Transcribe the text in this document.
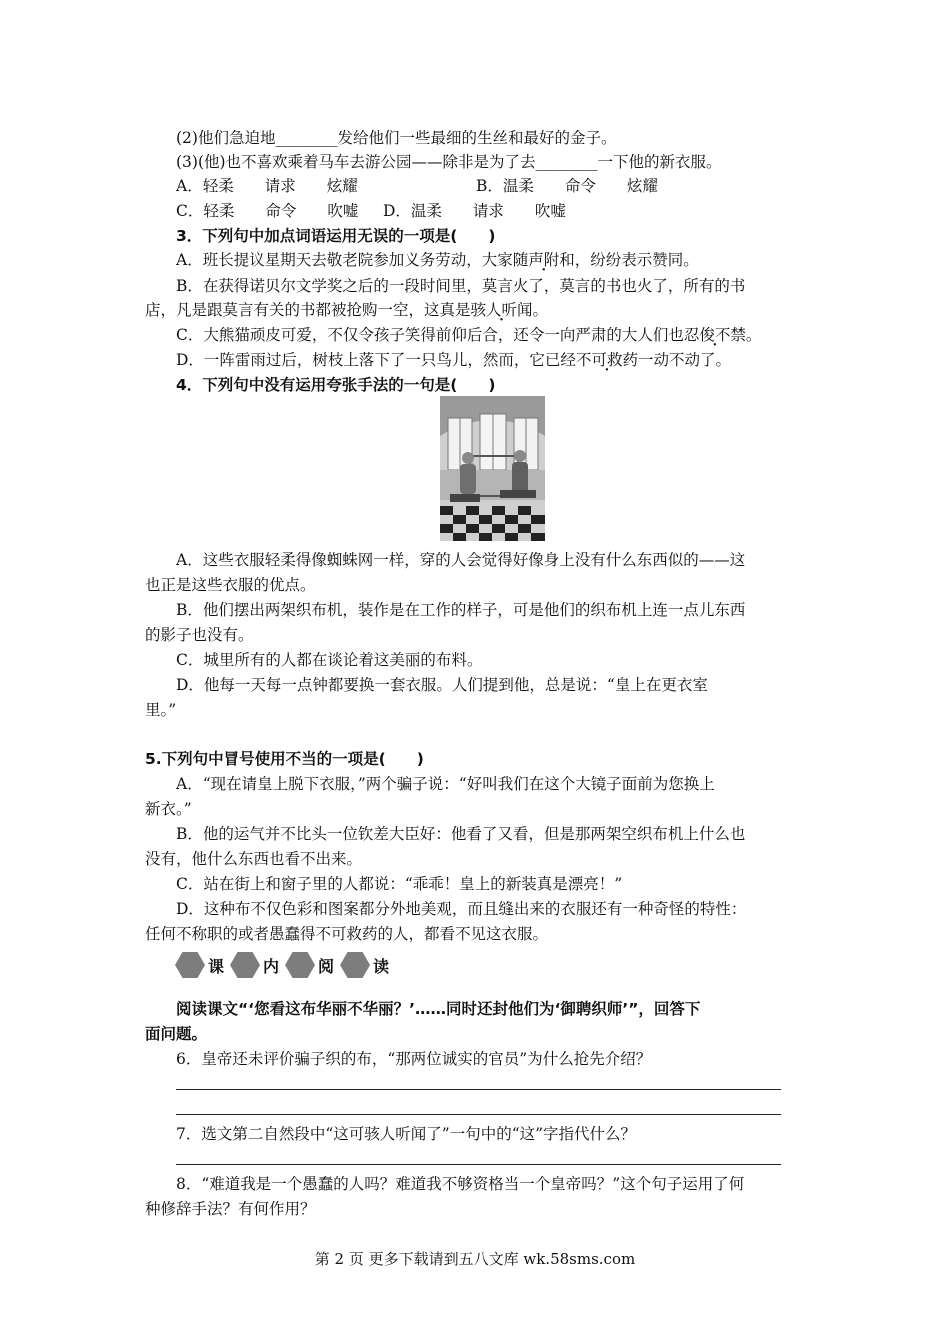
(2)他们急迫地________发给他们一些最细的生丝和最好的金子。
(3)(他)也不喜欢乘着马车去游公园——除非是为了去________一下他的新衣服。
A．轻柔　　请求　　炫耀	B．温柔　　命令　　炫耀
C．轻柔　　命令　　吹嘘 D．温柔　　请求　　吹嘘
3．下列句中加点词语运用无误的一项是(　　)
A．班长提议星期天去敬老院参加义务劳动，大家随声附和，纷纷表示赞同。
B．在获得诺贝尔文学奖之后的一段时间里，莫言火了，莫言的书也火了，所有的书
店，凡是跟莫言有关的书都被抢购一空，这真是骇人听闻。
C．大熊猫顽皮可爱，不仅令孩子笑得前仰后合，还令一向严肃的大人们也忍俊不禁。
D．一阵雷雨过后，树枝上落下了一只鸟儿，然而，它已经不可救药一动不动了。
4．下列句中没有运用夸张手法的一句是(　　)
A．这些衣服轻柔得像蜘蛛网一样，穿的人会觉得好像身上没有什么东西似的——这
也正是这些衣服的优点。
B．他们摆出两架织布机，装作是在工作的样子，可是他们的织布机上连一点儿东西
的影子也没有。
C．城里所有的人都在谈论着这美丽的布料。
D．他每一天每一点钟都要换一套衣服。人们提到他，总是说：“皇上在更衣室
里。”
5.下列句中冒号使用不当的一项是(　　)
A．“现在请皇上脱下衣服，”两个骗子说：“好叫我们在这个大镜子面前为您换上
新衣。”
B．他的运气并不比头一位钦差大臣好：他看了又看，但是那两架空织布机上什么也
没有，他什么东西也看不出来。
C．站在街上和窗子里的人都说：“乖乖！皇上的新装真是漂亮！”
D．这种布不仅色彩和图案都分外地美观，而且缝出来的衣服还有一种奇怪的特性：
任何不称职的或者愚蠢得不可救药的人，都看不见这衣服。
课 内 阅 读
阅读课文“‘您看这布华丽不华丽？’……同时还封他们为‘御聘织师’”，回答下
面问题。
6．皇帝还未评价骗子织的布，“那两位诚实的官员”为什么抢先介绍？
7．选文第二自然段中“这可骇人听闻了”一句中的“这”字指代什么？
8．“难道我是一个愚蠢的人吗？难道我不够资格当一个皇帝吗？”这个句子运用了何
种修辞手法？有何作用？
第 2 页 更多下载请到五八文库 wk.58sms.com
